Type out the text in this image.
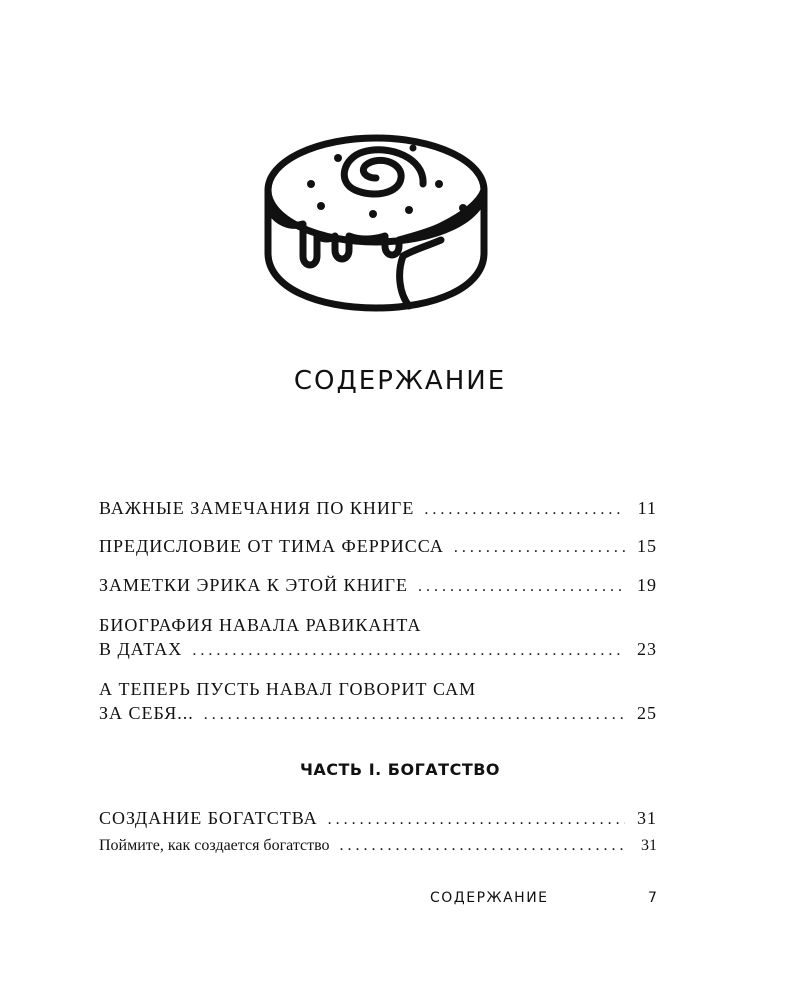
СОДЕРЖАНИЕ
ВАЖНЫЕ ЗАМЕЧАНИЯ ПО КНИГЕ . . .	11
ПРЕДИСЛОВИЕ ОТ ТИМА ФЕРРИССА . . .	15
ЗАМЕТКИ ЭРИКА К ЭТОЙ КНИГЕ . . .	19
БИОГРАФИЯ НАВАЛА РАВИКАНТА
В ДАТАХ . . .	23
А ТЕПЕРЬ ПУСТЬ НАВАЛ ГОВОРИТ САМ
ЗА СЕБЯ... . . .	25
СОЗДАНИЕ БОГАТСТВА . . .	31
Поймите, как создается богатство . . .	31
ЧАСТЬ I. БОГАТСТВО
СОДЕРЖАНИЕ	7
